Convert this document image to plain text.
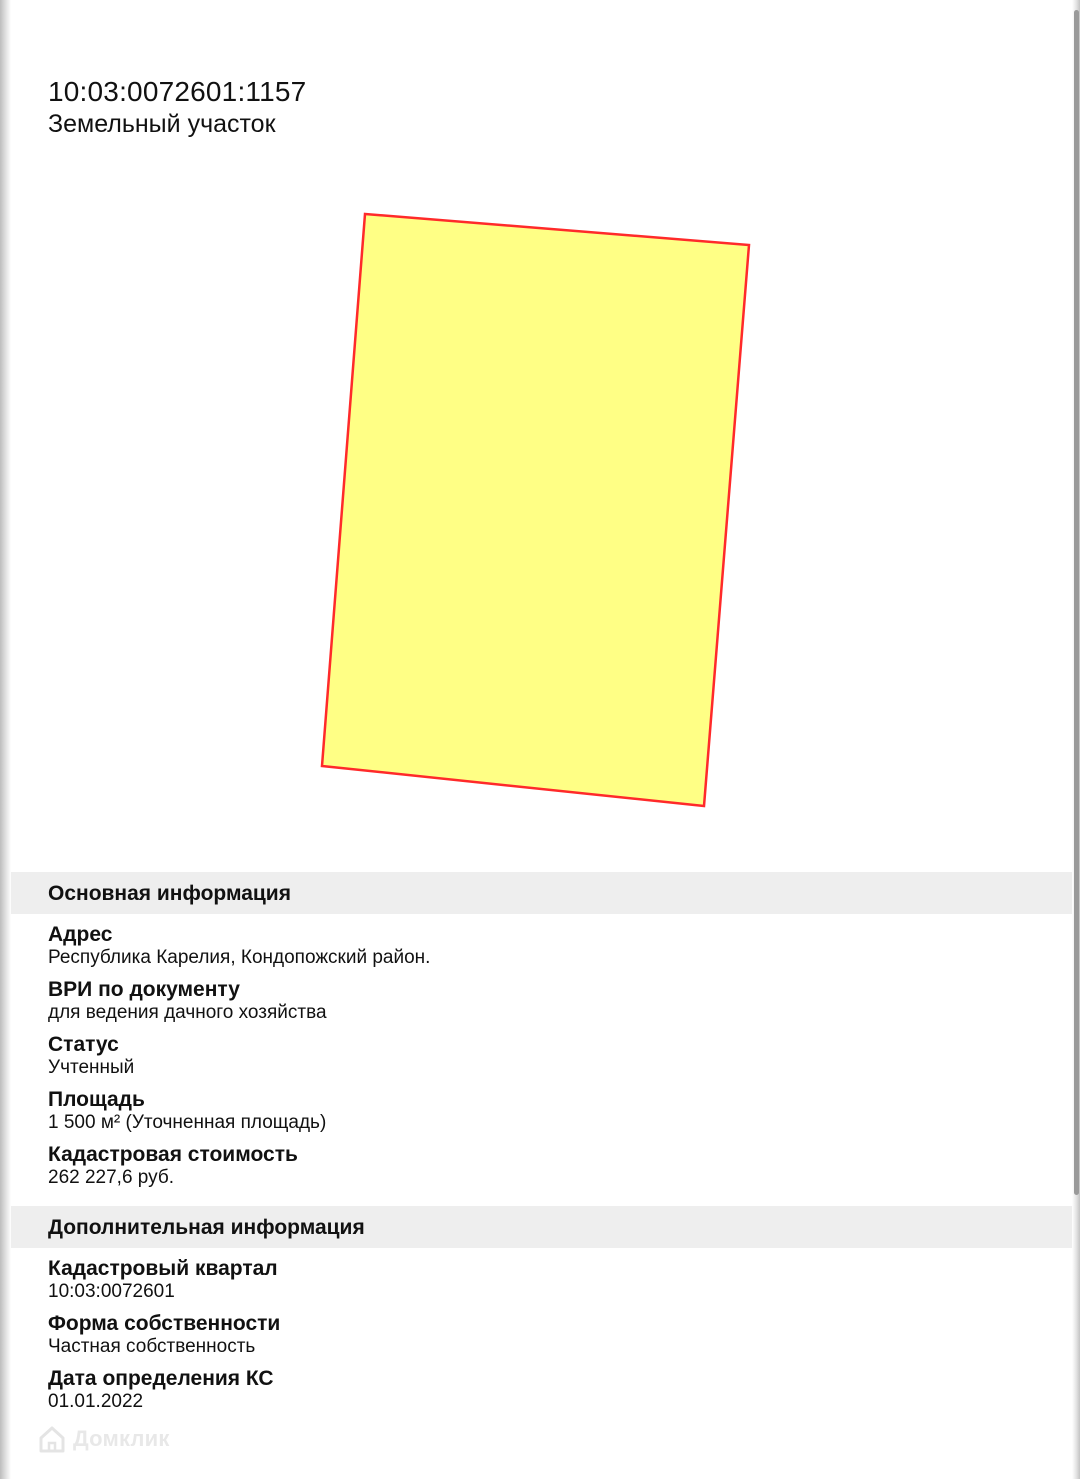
10:03:0072601:1157
Земельный участок
Основная информация
Адрес
Республика Карелия, Кондопожский район.
ВРИ по документу
для ведения дачного хозяйства
Статус
Учтенный
Площадь
1 500 м² (Уточненная площадь)
Кадастровая стоимость
262 227,6 руб.
Дополнительная информация
Кадастровый квартал
10:03:0072601
Форма собственности
Частная собственность
Дата определения КС
01.01.2022
Домклик
